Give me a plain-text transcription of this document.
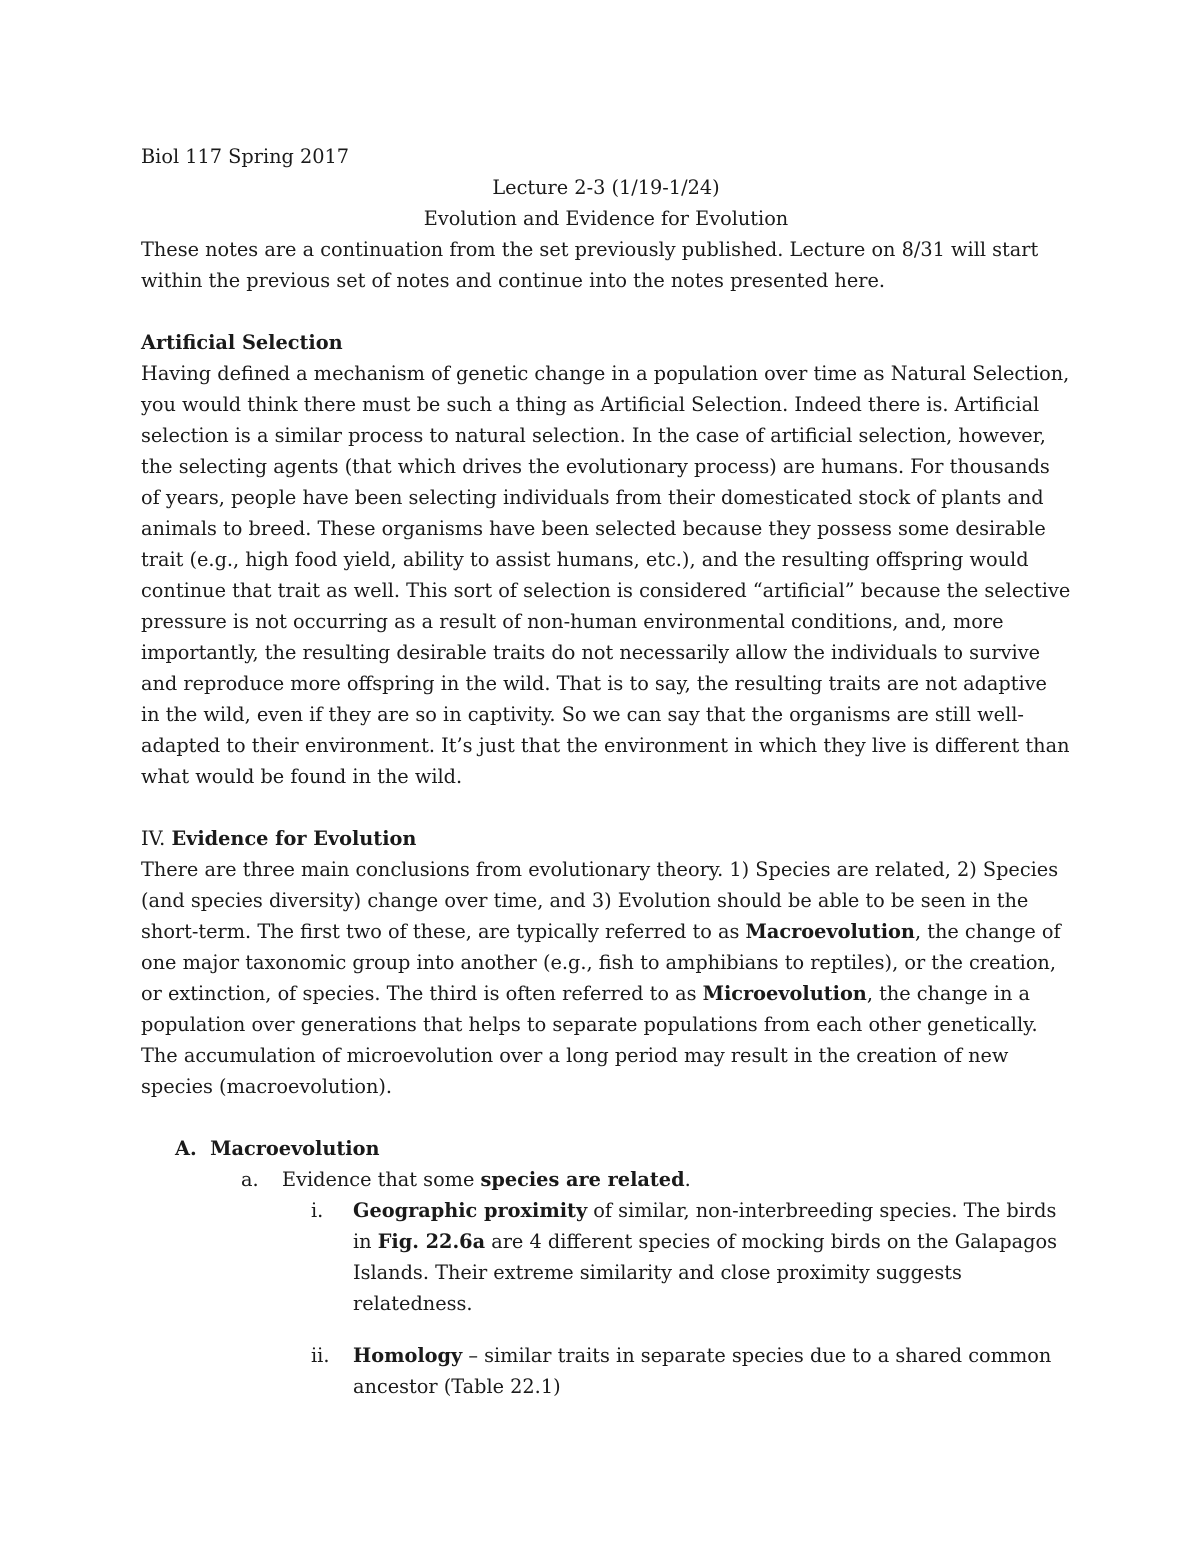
Biol 117 Spring 2017

Lecture 2-3 (1/19-1/24)

Evolution and Evidence for Evolution

These notes are a continuation from the set previously published. Lecture on 8/31 will start within the previous set of notes and continue into the notes presented here.

Artificial Selection

Having defined a mechanism of genetic change in a population over time as Natural Selection, you would think there must be such a thing as Artificial Selection. Indeed there is. Artificial selection is a similar process to natural selection. In the case of artificial selection, however, the selecting agents (that which drives the evolutionary process) are humans. For thousands of years, people have been selecting individuals from their domesticated stock of plants and animals to breed. These organisms have been selected because they possess some desirable trait (e.g., high food yield, ability to assist humans, etc.), and the resulting offspring would continue that trait as well. This sort of selection is considered “artificial” because the selective pressure is not occurring as a result of non-human environmental conditions, and, more importantly, the resulting desirable traits do not necessarily allow the individuals to survive and reproduce more offspring in the wild. That is to say, the resulting traits are not adaptive in the wild, even if they are so in captivity. So we can say that the organisms are still well-adapted to their environment. It’s just that the environment in which they live is different than what would be found in the wild.

IV. Evidence for Evolution

There are three main conclusions from evolutionary theory. 1) Species are related, 2) Species (and species diversity) change over time, and 3) Evolution should be able to be seen in the short-term. The first two of these, are typically referred to as Macroevolution, the change of one major taxonomic group into another (e.g., fish to amphibians to reptiles), or the creation, or extinction, of species. The third is often referred to as Microevolution, the change in a population over generations that helps to separate populations from each other genetically. The accumulation of microevolution over a long period may result in the creation of new species (macroevolution).

A. Macroevolution

a.	Evidence that some species are related.
i.	Geographic proximity of similar, non-interbreeding species. The birds in Fig. 22.6a are 4 different species of mocking birds on the Galapagos Islands. Their extreme similarity and close proximity suggests relatedness.
ii.	Homology – similar traits in separate species due to a shared common ancestor (Table 22.1)
